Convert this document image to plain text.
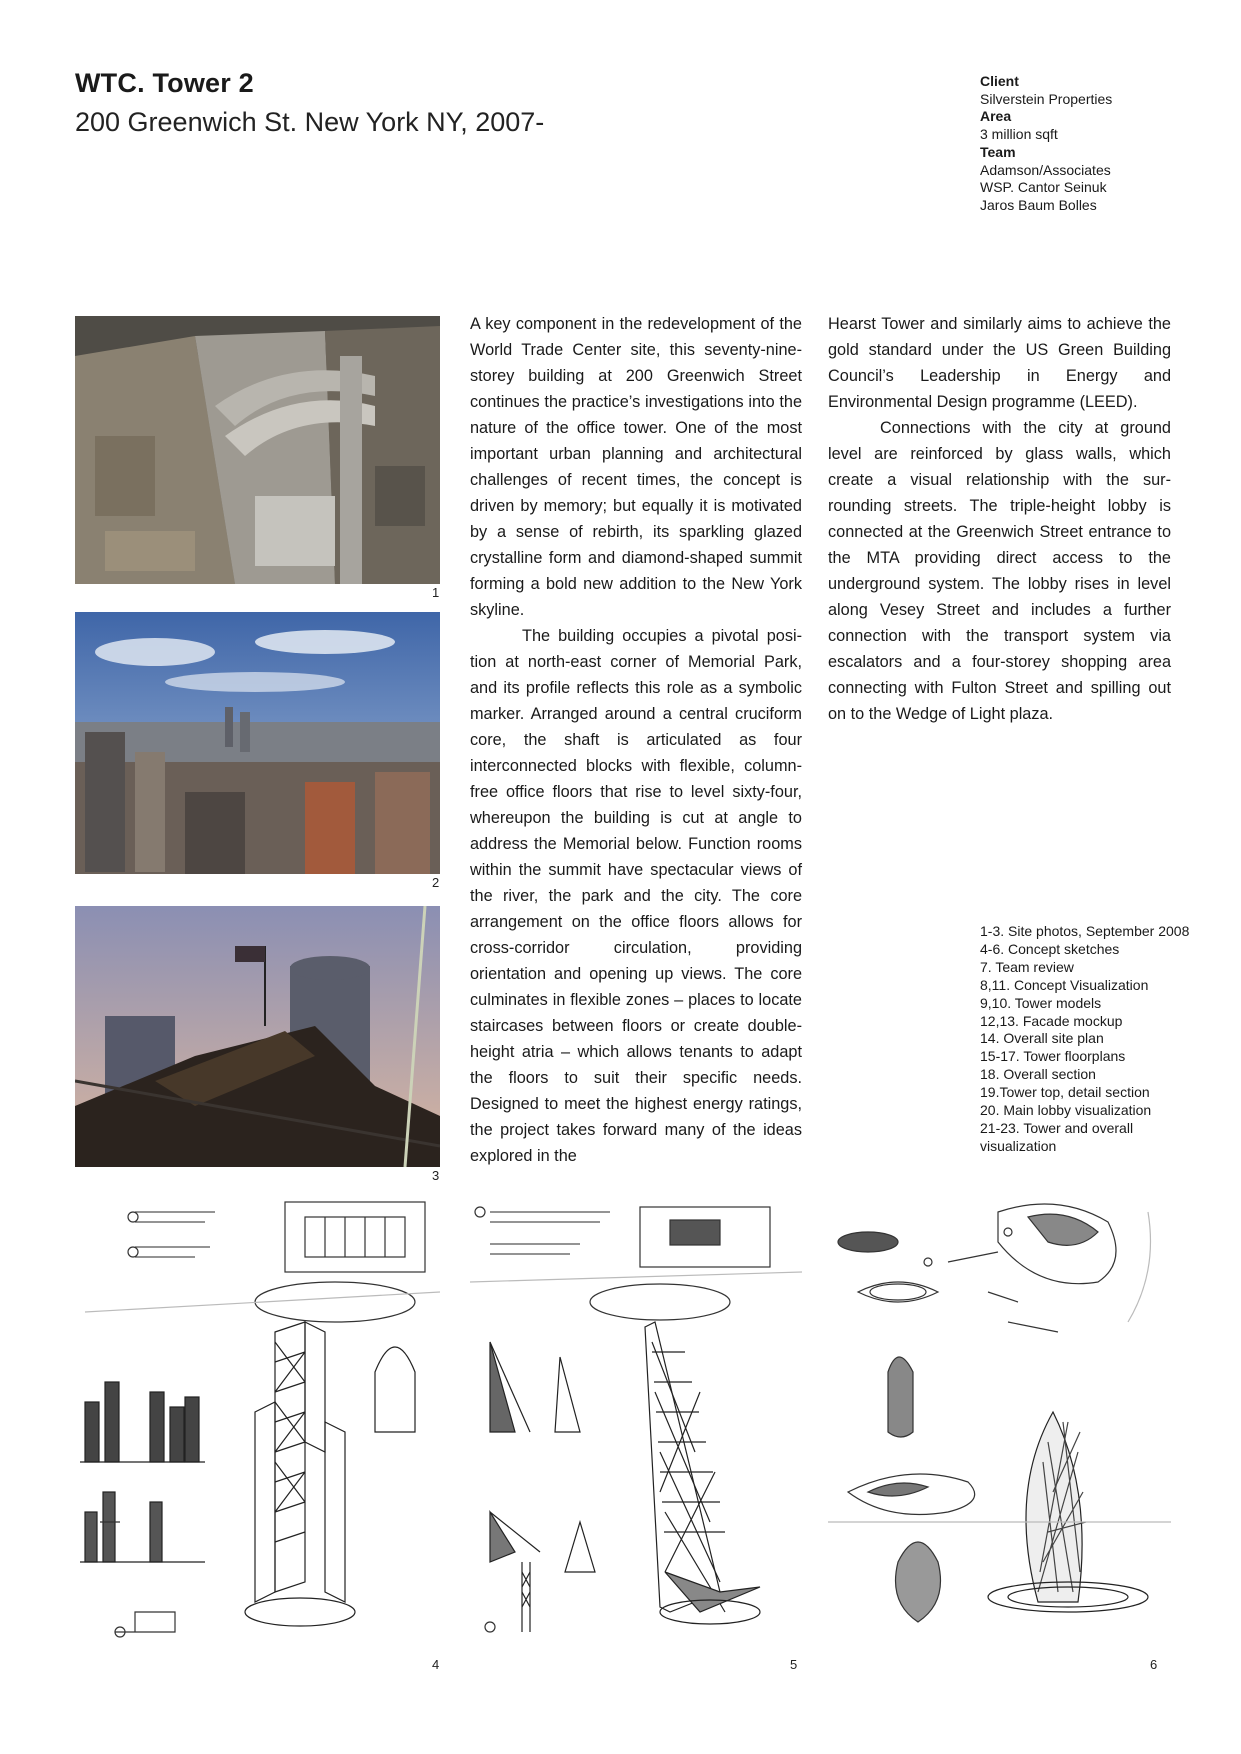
WTC. Tower 2
200 Greenwich St. New York NY, 2007-
Client
Silverstein Properties
Area
3 million sqft
Team
Adamson/Associates
WSP. Cantor Seinuk
Jaros Baum Bolles
1
2
3

A key component in the redevelopment of the World Trade Center site, this seventy-nine-storey building at 200 Greenwich Street continues the practice’s investigations into the nature of the office tower. One of the most important urban planning and architectural challenges of recent times, the concept is driven by memory; but equally it is motivated by a sense of rebirth, its sparkling glazed crystalline form and diamond-shaped summit forming a bold new addition to the New York skyline.

The building occupies a pivotal position at north-east corner of Memorial Park, and its profile reflects this role as a symbolic marker. Arranged around a central cruciform core, the shaft is articulated as four interconnected blocks with flexible, column-free office floors that rise to level sixty-four, whereupon the building is cut at angle to address the Memorial below. Function rooms within the summit have spectacular views of the river, the park and the city. The core arrangement on the office floors allows for cross-corridor circulation, providing orientation and opening up views. The core culminates in flexible zones – places to locate staircases between floors or create double-height atria – which allows tenants to adapt the floors to suit their specific needs. Designed to meet the highest energy ratings, the project takes forward many of the ideas explored in the

Hearst Tower and similarly aims to achieve the gold standard under the US Green Building Council’s Leadership in Energy and Environmental Design programme (LEED).

Connections with the city at ground level are reinforced by glass walls, which create a visual relationship with the surrounding streets. The triple-height lobby is connected at the Greenwich Street entrance to the MTA providing direct access to the underground system. The lobby rises in level along Vesey Street and includes a further connection with the transport system via escalators and a four-storey shopping area connecting with Fulton Street and spilling out on to the Wedge of Light plaza.

1-3. Site photos, September 2008
4-6. Concept sketches
7. Team review
8,11. Concept Visualization
9,10. Tower models
12,13. Facade mockup
14. Overall site plan
15-17. Tower floorplans
18. Overall section
19.Tower top, detail section
20. Main lobby visualization
21-23. Tower and overall visualization
4	5	6
